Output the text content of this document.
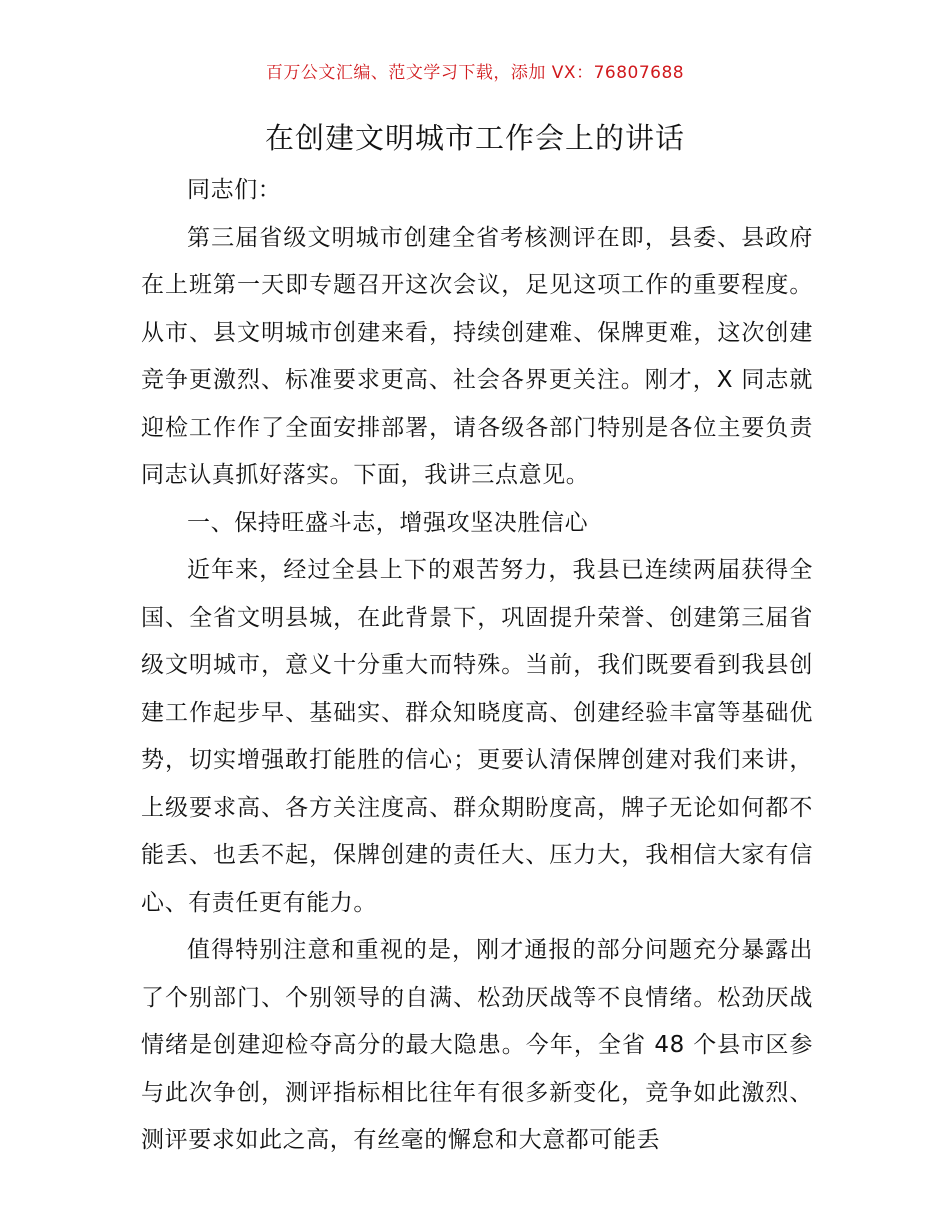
百万公文汇编、范文学习下载，添加 VX：76807688
在创建文明城市工作会上的讲话

同志们：

第三届省级文明城市创建全省考核测评在即，县委、县政府在上班第一天即专题召开这次会议，足见这项工作的重要程度。从市、县文明城市创建来看，持续创建难、保牌更难，这次创建竞争更激烈、标准要求更高、社会各界更关注。刚才，X 同志就迎检工作作了全面安排部署，请各级各部门特别是各位主要负责同志认真抓好落实。下面，我讲三点意见。

一、保持旺盛斗志，增强攻坚决胜信心

近年来，经过全县上下的艰苦努力，我县已连续两届获得全国、全省文明县城，在此背景下，巩固提升荣誉、创建第三届省级文明城市，意义十分重大而特殊。当前，我们既要看到我县创建工作起步早、基础实、群众知晓度高、创建经验丰富等基础优势，切实增强敢打能胜的信心；更要认清保牌创建对我们来讲，上级要求高、各方关注度高、群众期盼度高，牌子无论如何都不能丢、也丢不起，保牌创建的责任大、压力大，我相信大家有信心、有责任更有能力。

值得特别注意和重视的是，刚才通报的部分问题充分暴露出了个别部门、个别领导的自满、松劲厌战等不良情绪。松劲厌战情绪是创建迎检夺高分的最大隐患。今年，全省 48 个县市区参与此次争创，测评指标相比往年有很多新变化，竞争如此激烈、测评要求如此之高，有丝毫的懈怠和大意都可能丢
